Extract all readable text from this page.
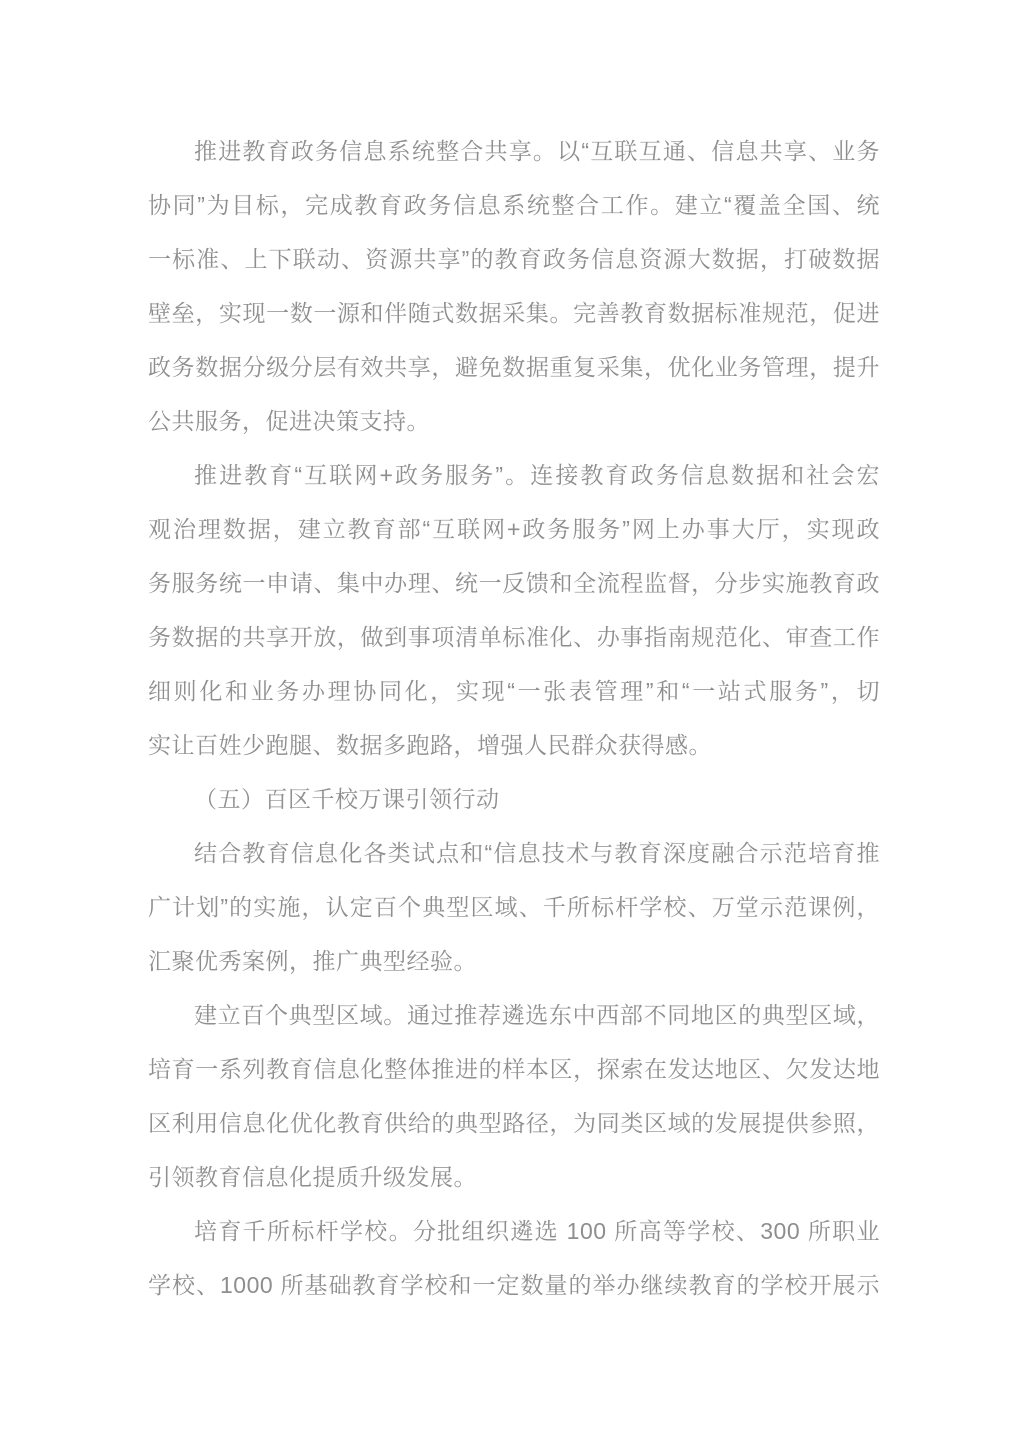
推进教育政务信息系统整合共享。以“互联互通、信息共享、业务
协同”为目标，完成教育政务信息系统整合工作。建立“覆盖全国、统
一标准、上下联动、资源共享”的教育政务信息资源大数据，打破数据
壁垒，实现一数一源和伴随式数据采集。完善教育数据标准规范，促进
政务数据分级分层有效共享，避免数据重复采集，优化业务管理，提升
公共服务，促进决策支持。
推进教育“互联网+政务服务”。连接教育政务信息数据和社会宏
观治理数据，建立教育部“互联网+政务服务”网上办事大厅，实现政
务服务统一申请、集中办理、统一反馈和全流程监督，分步实施教育政
务数据的共享开放，做到事项清单标准化、办事指南规范化、审查工作
细则化和业务办理协同化，实现“一张表管理”和“一站式服务”，切
实让百姓少跑腿、数据多跑路，增强人民群众获得感。
（五）百区千校万课引领行动
结合教育信息化各类试点和“信息技术与教育深度融合示范培育推
广计划”的实施，认定百个典型区域、千所标杆学校、万堂示范课例，
汇聚优秀案例，推广典型经验。
建立百个典型区域。通过推荐遴选东中西部不同地区的典型区域，
培育一系列教育信息化整体推进的样本区，探索在发达地区、欠发达地
区利用信息化优化教育供给的典型路径，为同类区域的发展提供参照，
引领教育信息化提质升级发展。
培育千所标杆学校。分批组织遴选 100 所高等学校、300 所职业
学校、1000 所基础教育学校和一定数量的举办继续教育的学校开展示
